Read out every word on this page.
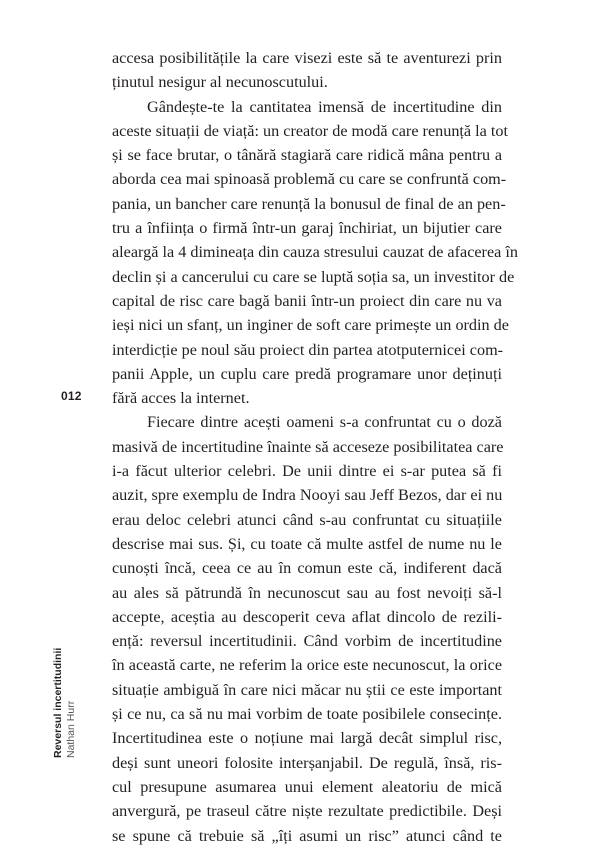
accesa posibilitățile la care visezi este să te aventurezi prin
ținutul nesigur al necunoscutului.
Gândește-te la cantitatea imensă de incertitudine din
aceste situații de viață: un creator de modă care renunță la tot
și se face brutar, o tânără stagiară care ridică mâna pentru a
aborda cea mai spinoasă problemă cu care se confruntă com-
pania, un bancher care renunță la bonusul de final de an pen-
tru a înființa o firmă într-un garaj închiriat, un bijutier care
aleargă la 4 dimineața din cauza stresului cauzat de afacerea în
declin și a cancerului cu care se luptă soția sa, un investitor de
capital de risc care bagă banii într-un proiect din care nu va
ieși nici un sfanț, un inginer de soft care primește un ordin de
interdicție pe noul său proiect din partea atotputernicei com-
panii Apple, un cuplu care predă programare unor deținuți
fără acces la internet.
Fiecare dintre acești oameni s-a confruntat cu o doză
masivă de incertitudine înainte să acceseze posibilitatea care
i-a făcut ulterior celebri. De unii dintre ei s-ar putea să fi
auzit, spre exemplu de Indra Nooyi sau Jeff Bezos, dar ei nu
erau deloc celebri atunci când s-au confruntat cu situațiile
descrise mai sus. Și, cu toate că multe astfel de nume nu le
cunoști încă, ceea ce au în comun este că, indiferent dacă
au ales să pătrundă în necunoscut sau au fost nevoiți să-l
accepte, aceștia au descoperit ceva aflat dincolo de rezili-
ență: reversul incertitudinii. Când vorbim de incertitudine
în această carte, ne referim la orice este necunoscut, la orice
situație ambiguă în care nici măcar nu știi ce este important
și ce nu, ca să nu mai vorbim de toate posibilele consecințe.
Incertitudinea este o noțiune mai largă decât simplul risc,
deși sunt uneori folosite interșanjabil. De regulă, însă, ris-
cul presupune asumarea unui element aleatoriu de mică
anvergură, pe traseul către niște rezultate predictibile. Deși
se spune că trebuie să „îți asumi un risc” atunci când te
012
Reversul incertitudinii Nathan Hurr
